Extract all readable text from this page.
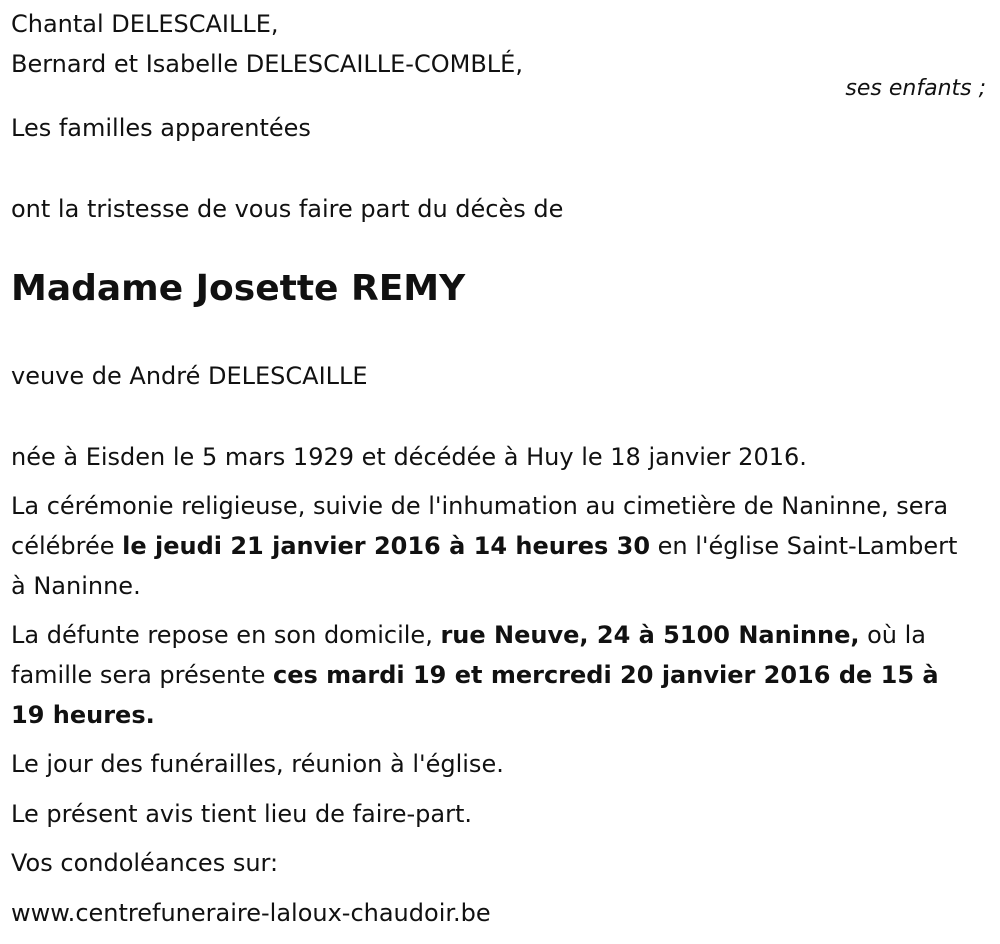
Chantal DELESCAILLE,
Bernard et Isabelle DELESCAILLE-COMBLÉ,
ses enfants ;
Les familles apparentées
ont la tristesse de vous faire part du décès de
Madame Josette REMY
veuve de André DELESCAILLE
née à Eisden le 5 mars 1929 et décédée à Huy le 18 janvier 2016.
La cérémonie religieuse, suivie de l'inhumation au cimetière de Naninne, sera célébrée le jeudi 21 janvier 2016 à 14 heures 30 en l'église Saint-Lambert à Naninne.
La défunte repose en son domicile, rue Neuve, 24 à 5100 Naninne, où la famille sera présente ces mardi 19 et mercredi 20 janvier 2016 de 15 à 19 heures.
Le jour des funérailles, réunion à l'église.
Le présent avis tient lieu de faire-part.
Vos condoléances sur:
www.centrefuneraire-laloux-chaudoir.be
